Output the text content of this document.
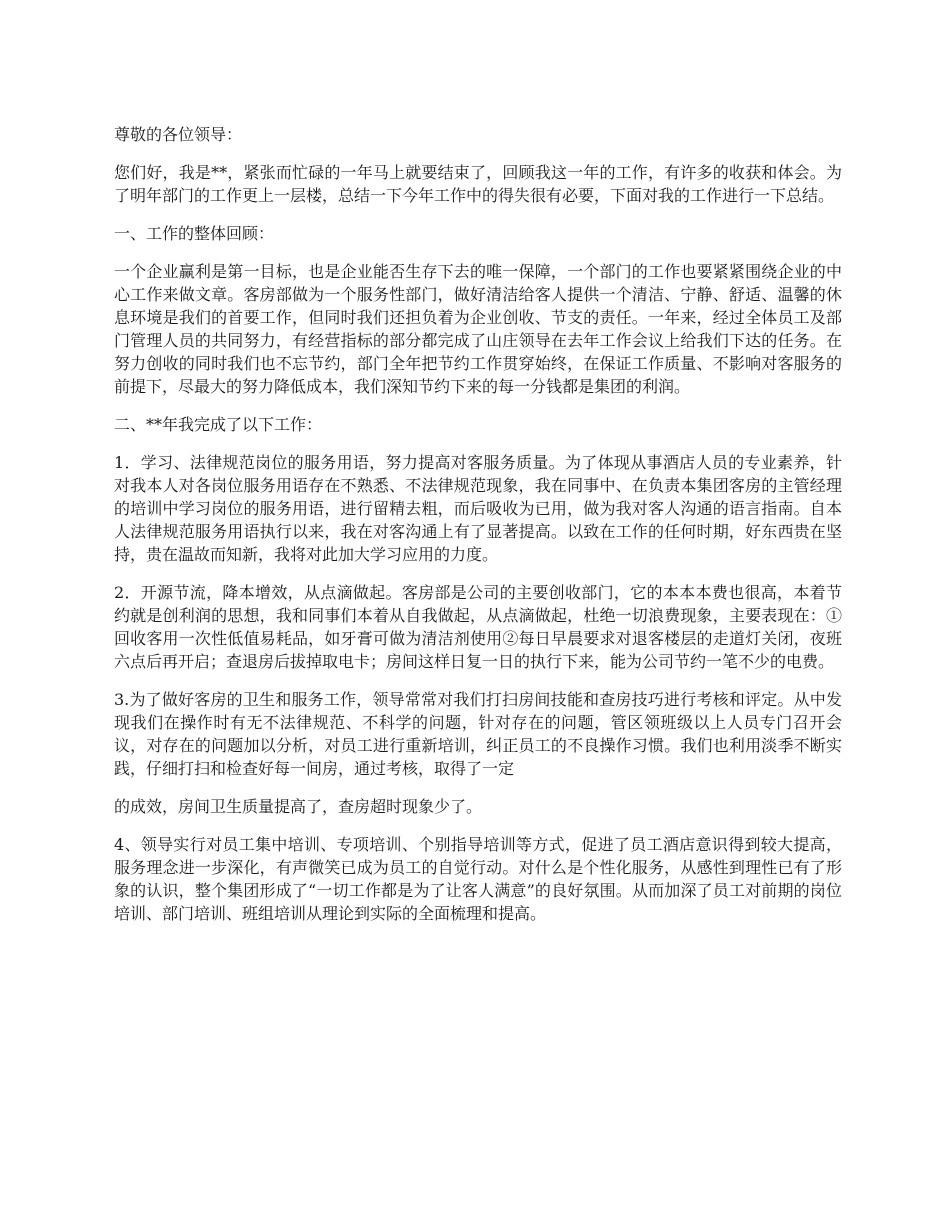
尊敬的各位领导：

您们好，我是**，紧张而忙碌的一年马上就要结束了，回顾我这一年的工作，有许多的收获和体会。为了明年部门的工作更上一层楼，总结一下今年工作中的得失很有必要，下面对我的工作进行一下总结。

一、工作的整体回顾：

一个企业赢利是第一目标，也是企业能否生存下去的唯一保障，一个部门的工作也要紧紧围绕企业的中心工作来做文章。客房部做为一个服务性部门，做好清洁给客人提供一个清洁、宁静、舒适、温馨的休息环境是我们的首要工作，但同时我们还担负着为企业创收、节支的责任。一年来，经过全体员工及部门管理人员的共同努力，有经营指标的部分都完成了山庄领导在去年工作会议上给我们下达的任务。在努力创收的同时我们也不忘节约，部门全年把节约工作贯穿始终，在保证工作质量、不影响对客服务的前提下，尽最大的努力降低成本，我们深知节约下来的每一分钱都是集团的利润。

二、**年我完成了以下工作：

1．学习、法律规范岗位的服务用语，努力提高对客服务质量。为了体现从事酒店人员的专业素养，针对我本人对各岗位服务用语存在不熟悉、不法律规范现象，我在同事中、在负责本集团客房的主管经理的培训中学习岗位的服务用语，进行留精去粗，而后吸收为已用，做为我对客人沟通的语言指南。自本人法律规范服务用语执行以来，我在对客沟通上有了显著提高。以致在工作的任何时期，好东西贵在坚持，贵在温故而知新，我将对此加大学习应用的力度。

2．开源节流，降本增效，从点滴做起。客房部是公司的主要创收部门，它的本本本费也很高，本着节约就是创利润的思想，我和同事们本着从自我做起，从点滴做起，杜绝一切浪费现象，主要表现在：①回收客用一次性低值易耗品，如牙膏可做为清洁剂使用②每日早晨要求对退客楼层的走道灯关闭，夜班六点后再开启；查退房后拔掉取电卡；房间这样日复一日的执行下来，能为公司节约一笔不少的电费。

3.为了做好客房的卫生和服务工作，领导常常对我们打扫房间技能和查房技巧进行考核和评定。从中发现我们在操作时有无不法律规范、不科学的问题，针对存在的问题，管区领班级以上人员专门召开会议，对存在的问题加以分析，对员工进行重新培训，纠正员工的不良操作习惯。我们也利用淡季不断实践，仔细打扫和检查好每一间房，通过考核，取得了一定

的成效，房间卫生质量提高了，查房超时现象少了。

4、领导实行对员工集中培训、专项培训、个别指导培训等方式，促进了员工酒店意识得到较大提高，服务理念进一步深化，有声微笑已成为员工的自觉行动。对什么是个性化服务，从感性到理性已有了形象的认识，整个集团形成了“一切工作都是为了让客人满意”的良好氛围。从而加深了员工对前期的岗位培训、部门培训、班组培训从理论到实际的全面梳理和提高。
